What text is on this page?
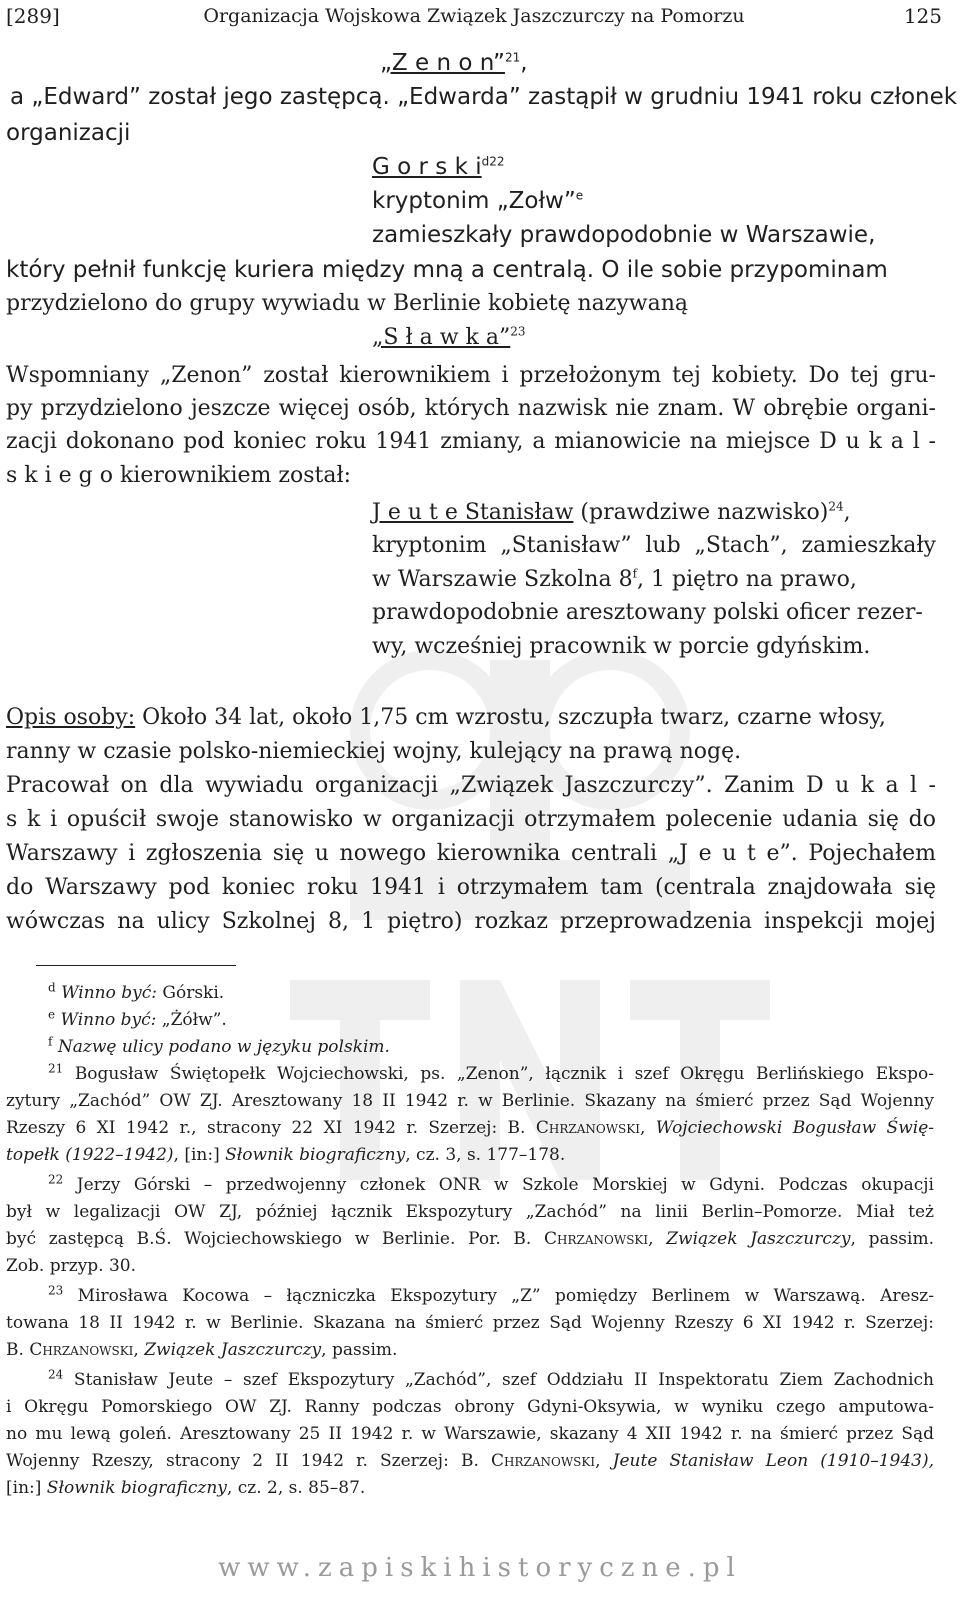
[289]	Organizacja Wojskowa Związek Jaszczurczy na Pomorzu	125
„Z e n o n”$^{21}$,
a „Edward” został jego zastępcą. „Edwarda” zastąpił w grudniu 1941 roku członek
organizacji
G o r s k $i^{d22}$
kryptonim „Zołw”$^e$
zamieszkały prawdopodobnie w Warszawie,
który pełnił funkcję kuriera między mną a centralą. O ile sobie przypominam
przydzielono do grupy wywiadu w Berlinie kobietę nazywaną
„S ł a w k a”$^{23}$
Wspomniany „Zenon” został kierownikiem i przełożonym tej kobiety. Do tej gru-
py przydzielono jeszcze więcej osób, których nazwisk nie znam. W obrębie organi-
zacji dokonano pod koniec roku 1941 zmiany, a mianowicie na miejsce D u k a l -
s k i e g o kierownikiem został:
J e u t e Stanisław (prawdziwe nazwisko)$^{24}$,
kryptonim „Stanisław” lub „Stach”, zamieszkały
w Warszawie Szkolna 8$^f$, 1 piętro na prawo,
prawdopodobnie aresztowany polski oficer rezer-
wy, wcześniej pracownik w porcie gdyńskim.
Opis osoby: Około 34 lat, około 1,75 cm wzrostu, szczupła twarz, czarne włosy,
ranny w czasie polsko-niemieckiej wojny, kulejący na prawą nogę.
Pracował on dla wywiadu organizacji „Związek Jaszczurczy”. Zanim D u k a l -
s k i opuścił swoje stanowisko w organizacji otrzymałem polecenie udania się do
Warszawy i zgłoszenia się u nowego kierownika centrali „J e u t e”. Pojechałem
do Warszawy pod koniec roku 1941 i otrzymałem tam (centrala znajdowała się
wówczas na ulicy Szkolnej 8, 1 piętro) rozkaz przeprowadzenia inspekcji mojej
$^d$ Winno być: Górski.
$^e$ Winno być: „Żółw”.
$^f$ Nazwę ulicy podano w języku polskim.
$^{21}$ Bogusław Świętopełk Wojciechowski, ps. „Zenon”, łącznik i szef Okręgu Berlińskiego Ekspo-
zytury „Zachód” OW ZJ. Aresztowany 18 II 1942 r. w Berlinie. Skazany na śmierć przez Sąd Wojenny
Rzeszy 6 XI 1942 r., stracony 22 XI 1942 r. Szerzej: B. Chrzanowski, Wojciechowski Bogusław Świę-
topełk (1922–1942), [in:] Słownik biograficzny, cz. 3, s. 177–178.
$^{22}$ Jerzy Górski – przedwojenny członek ONR w Szkole Morskiej w Gdyni. Podczas okupacji
był w legalizacji OW ZJ, później łącznik Ekspozytury „Zachód” na linii Berlin–Pomorze. Miał też
być zastępcą B.Ś. Wojciechowskiego w Berlinie. Por. B. Chrzanowski, Związek Jaszczurczy, passim.
Zob. przyp. 30.
$^{23}$ Mirosława Kocowa – łączniczka Ekspozytury „Z” pomiędzy Berlinem w Warszawą. Aresz-
towana 18 II 1942 r. w Berlinie. Skazana na śmierć przez Sąd Wojenny Rzeszy 6 XI 1942 r. Szerzej:
B. Chrzanowski, Związek Jaszczurczy, passim.
$^{24}$ Stanisław Jeute – szef Ekspozytury „Zachód”, szef Oddziału II Inspektoratu Ziem Zachodnich
i Okręgu Pomorskiego OW ZJ. Ranny podczas obrony Gdyni-Oksywia, w wyniku czego amputowa-
no mu lewą goleń. Aresztowany 25 II 1942 r. w Warszawie, skazany 4 XII 1942 r. na śmierć przez Sąd
Wojenny Rzeszy, stracony 2 II 1942 r. Szerzej: B. Chrzanowski, Jeute Stanisław Leon (1910–1943),
[in:] Słownik biograficzny, cz. 2, s. 85–87.
www.zapiskihistoryczne.pl
